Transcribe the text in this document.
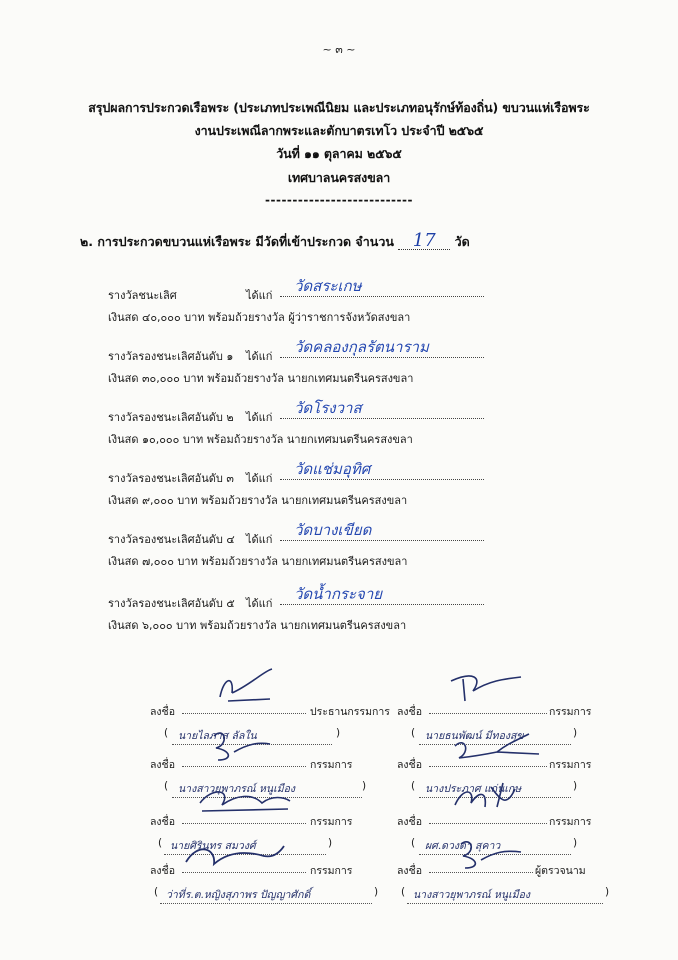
~ ๓ ~
สรุปผลการประกวดเรือพระ (ประเภทประเพณีนิยม และประเภทอนุรักษ์ท้องถิ่น) ขบวนแห่เรือพระ
งานประเพณีลากพระและตักบาตรเทโว ประจำปี ๒๕๖๕
วันที่ ๑๑ ตุลาคม ๒๕๖๕
เทศบาลนครสงขลา
---------------------------
๒. การประกวดขบวนแห่เรือพระ มีวัดที่เข้าประกวด จำนวน 17 วัด
รางวัลชนะเลิศ	ได้แก่
วัดสระเกษ
เงินสด ๔๐,๐๐๐ บาท พร้อมถ้วยรางวัล ผู้ว่าราชการจังหวัดสงขลา
รางวัลรองชนะเลิศอันดับ ๑ ได้แก่
วัดคลองกุลรัตนาราม
เงินสด ๓๐,๐๐๐ บาท พร้อมถ้วยรางวัล นายกเทศมนตรีนครสงขลา
รางวัลรองชนะเลิศอันดับ ๒ ได้แก่
วัดโรงวาส
เงินสด ๑๐,๐๐๐ บาท พร้อมถ้วยรางวัล นายกเทศมนตรีนครสงขลา
รางวัลรองชนะเลิศอันดับ ๓ ได้แก่
วัดแช่มอุทิศ
เงินสด ๙,๐๐๐ บาท พร้อมถ้วยรางวัล นายกเทศมนตรีนครสงขลา
รางวัลรองชนะเลิศอันดับ ๔ ได้แก่
วัดบางเขียด
เงินสด ๗,๐๐๐ บาท พร้อมถ้วยรางวัล นายกเทศมนตรีนครสงขลา
รางวัลรองชนะเลิศอันดับ ๕ ได้แก่
วัดน้ำกระจาย
เงินสด ๖,๐๐๐ บาท พร้อมถ้วยรางวัล นายกเทศมนตรีนครสงขลา
ลงชื่อ	ประธานกรรมการ
( นายไลภาส ลัลใน	)
ลงชื่อ	กรรมการ
( นางสาวยุพาภรณ์ หนูเมือง	)
ลงชื่อ	กรรมการ
( นายศิรินทร สมวงศ์	)
ลงชื่อ	กรรมการ
( ว่าที่ร.ต.หญิงสุภาพร ปัญญาศักดิ์	)
ลงชื่อ	กรรมการ
( นายธนพัฒน์ มีทองสุข	)
ลงชื่อ	กรรมการ
( นางประภาศ แก่นเกษ	)
ลงชื่อ	กรรมการ
( ผศ.ดวงตา สุคาว	)
ลงชื่อ	ผู้ตรวจนาม
( นางสาวยุพาภรณ์ หนูเมือง	)
